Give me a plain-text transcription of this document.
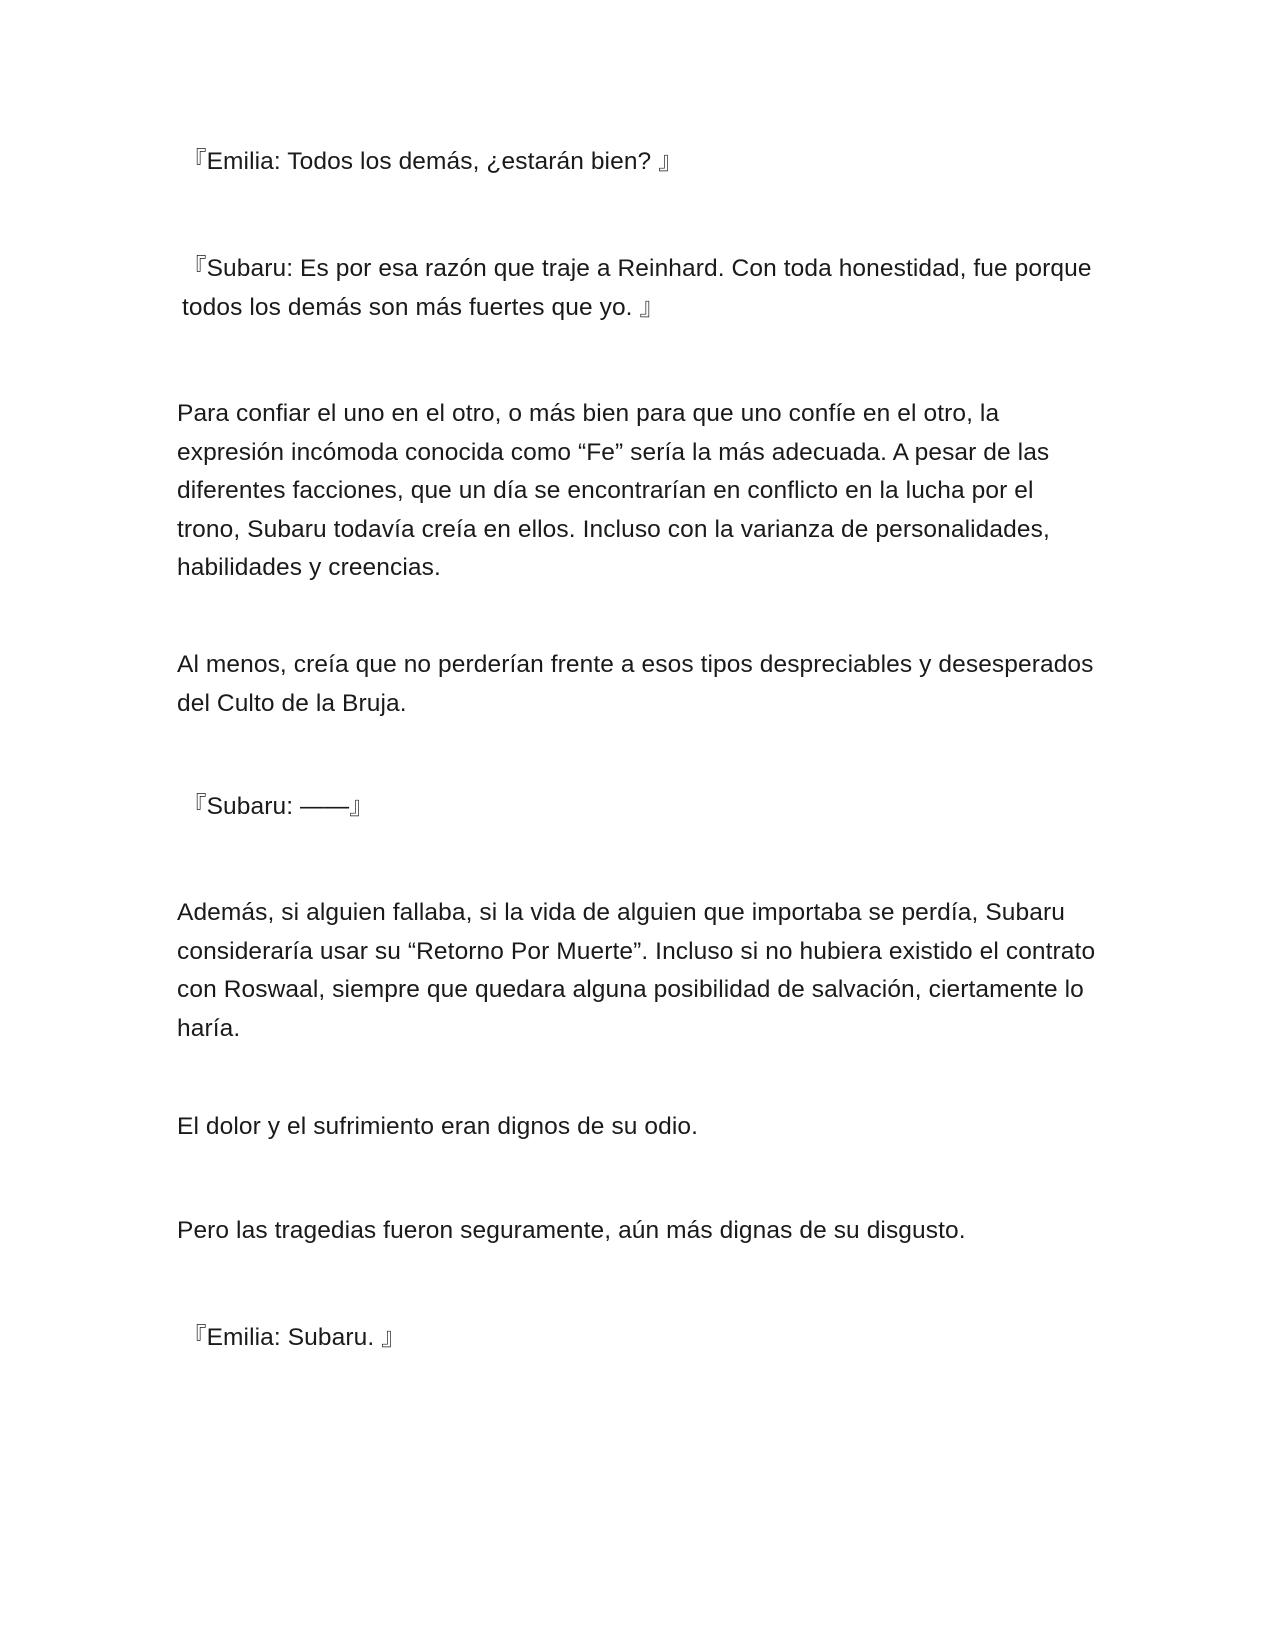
『Emilia: Todos los demás, ¿estarán bien? 』

『Subaru: Es por esa razón que traje a Reinhard. Con toda honestidad, fue porque todos los demás son más fuertes que yo. 』

Para confiar el uno en el otro, o más bien para que uno confíe en el otro, la expresión incómoda conocida como “Fe” sería la más adecuada. A pesar de las diferentes facciones, que un día se encontrarían en conflicto en la lucha por el trono, Subaru todavía creía en ellos. Incluso con la varianza de personalidades, habilidades y creencias.

Al menos, creía que no perderían frente a esos tipos despreciables y desesperados del Culto de la Bruja.

『Subaru: ——』

Además, si alguien fallaba, si la vida de alguien que importaba se perdía, Subaru consideraría usar su “Retorno Por Muerte”. Incluso si no hubiera existido el contrato con Roswaal, siempre que quedara alguna posibilidad de salvación, ciertamente lo haría.

El dolor y el sufrimiento eran dignos de su odio.

Pero las tragedias fueron seguramente, aún más dignas de su disgusto.

『Emilia: Subaru. 』
